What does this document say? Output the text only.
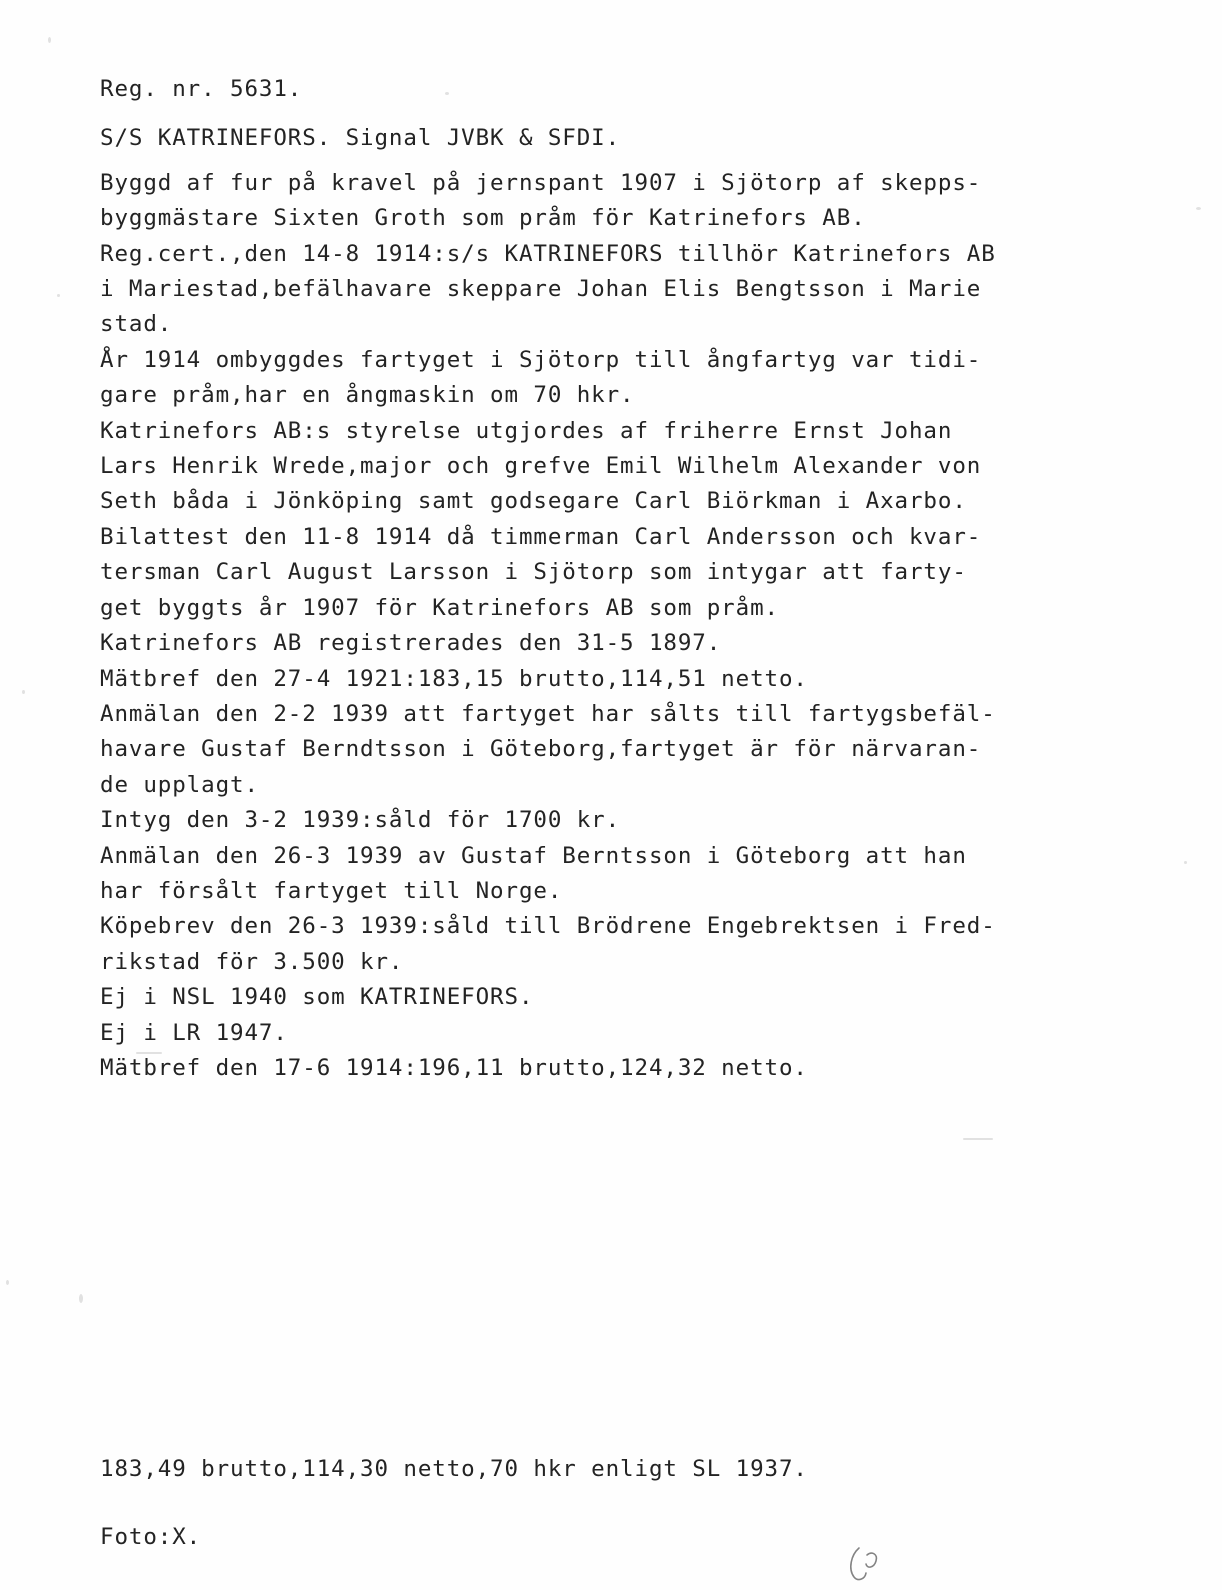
Reg. nr. 5631.
S/S KATRINEFORS. Signal JVBK & SFDI.
Byggd af fur på kravel på jernspant 1907 i Sjötorp af skepps-
byggmästare Sixten Groth som pråm för Katrinefors AB.
Reg.cert.,den 14-8 1914:s/s KATRINEFORS tillhör Katrinefors AB
i Mariestad,befälhavare skeppare Johan Elis Bengtsson i Marie
stad.
År 1914 ombyggdes fartyget i Sjötorp till ångfartyg var tidi-
gare pråm,har en ångmaskin om 70 hkr.
Katrinefors AB:s styrelse utgjordes af friherre Ernst Johan
Lars Henrik Wrede,major och grefve Emil Wilhelm Alexander von
Seth båda i Jönköping samt godsegare Carl Biörkman i Axarbo.
Bilattest den 11-8 1914 då timmerman Carl Andersson och kvar-
tersman Carl August Larsson i Sjötorp som intygar att farty-
get byggts år 1907 för Katrinefors AB som pråm.
Katrinefors AB registrerades den 31-5 1897.
Mätbref den 27-4 1921:183,15 brutto,114,51 netto.
Anmälan den 2-2 1939 att fartyget har sålts till fartygsbefäl-
havare Gustaf Berndtsson i Göteborg,fartyget är för närvaran-
de upplagt.
Intyg den 3-2 1939:såld för 1700 kr.
Anmälan den 26-3 1939 av Gustaf Berntsson i Göteborg att han
har försålt fartyget till Norge.
Köpebrev den 26-3 1939:såld till Brödrene Engebrektsen i Fred-
rikstad för 3.500 kr.
Ej i NSL 1940 som KATRINEFORS.
Ej i LR 1947.
Mätbref den 17-6 1914:196,11 brutto,124,32 netto.
183,49 brutto,114,30 netto,70 hkr enligt SL 1937.
Foto:X.
